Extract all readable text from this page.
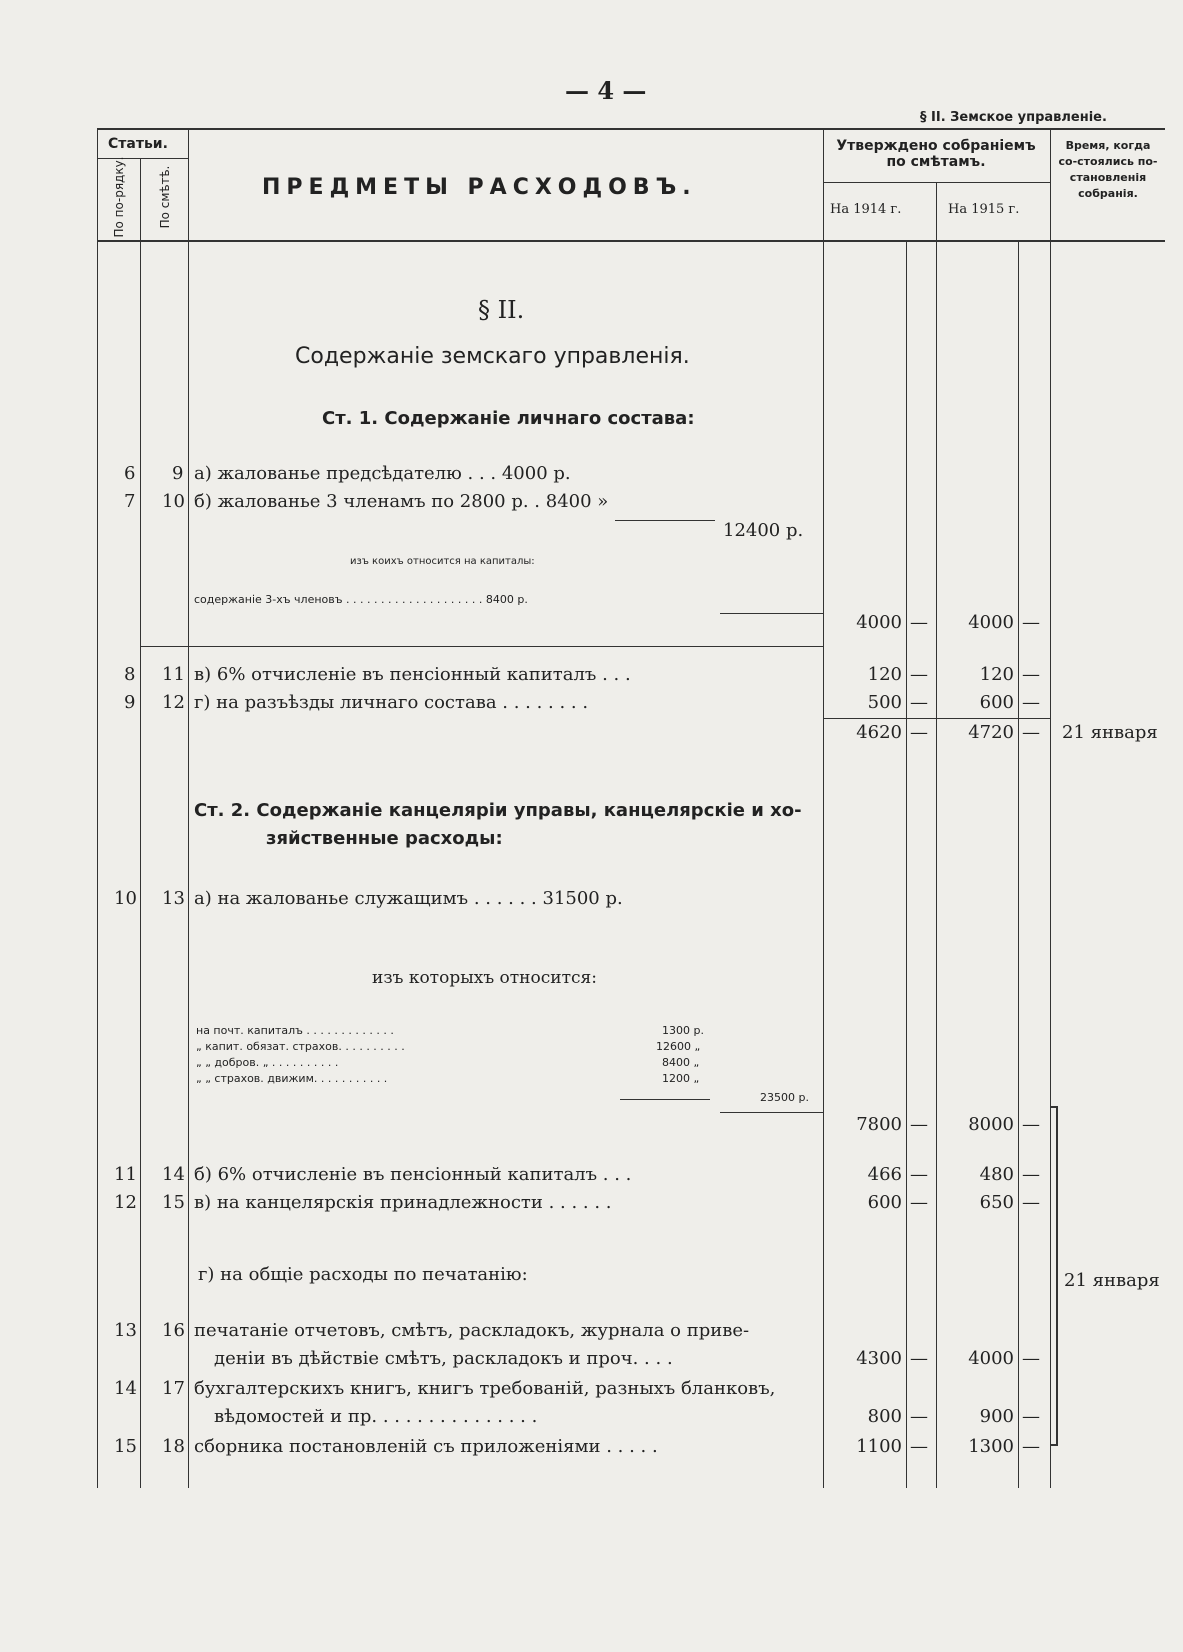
— 4 —
§ II. Земское управленіе.
Статьи.
По по-рядку.	По смѣтѣ.	ПРЕДМЕТЫ РАСХОДОВЪ.
Утверждено собраніемъ по смѣтамъ.
На 1914 г.	На 1915 г.
Время, когда со-стоялись по-становленія собранія.
§ II.
Содержаніе земскаго управленія.
Ст. 1. Содержаніе личнаго состава:
6 9 а) жалованье предсѣдателю . . . 4000 р.
7 10 б) жалованье 3 членамъ по 2800 р. . 8400 »
12400 р.
изъ коихъ относится на капиталы:
содержаніе 3-хъ членовъ . . . . . . . . . . . . . . . . . . . . 8400 р.
4000 —	4000 —
8 11 в) 6% отчисленіе въ пенсіонный капиталъ . . .	120 —	120 —
9 12 г) на разъѣзды личнаго состава . . . . . . . .	500 —	600 —
4620 —	4720 — 21 января
Ст. 2. Содержаніе канцеляріи управы, канцелярскіе и хо-
зяйственные расходы:
10 13 а) на жалованье служащимъ . . . . . . 31500 р.
изъ которыхъ относится:
на почт. капиталъ . . . . . . . . . . . . .	1300 р.
„ капит. обязат. страхов. . . . . . . . . .	12600 „
„ „ добров. „ . . . . . . . . . .	8400 „
„ „ страхов. движим. . . . . . . . . . .	1200 „
23500 р.
7800 —	8000 —
11 14 б) 6% отчисленіе въ пенсіонный капиталъ . . .	466 —	480 —
12 15 в) на канцелярскія принадлежности . . . . . .	600 —	650 —
г) на общіе расходы по печатанію:	21 января
13 16 печатаніе отчетовъ, смѣтъ, раскладокъ, журнала о приве-
деніи въ дѣйствіе смѣтъ, раскладокъ и проч. . . .	4300 —	4000 —
14 17 бухгалтерскихъ книгъ, книгъ требованій, разныхъ бланковъ,
вѣдомостей и пр. . . . . . . . . . . . . . .	800 —	900 —
15 18 сборника постановленій съ приложеніями . . . . .	1100 —	1300 —
